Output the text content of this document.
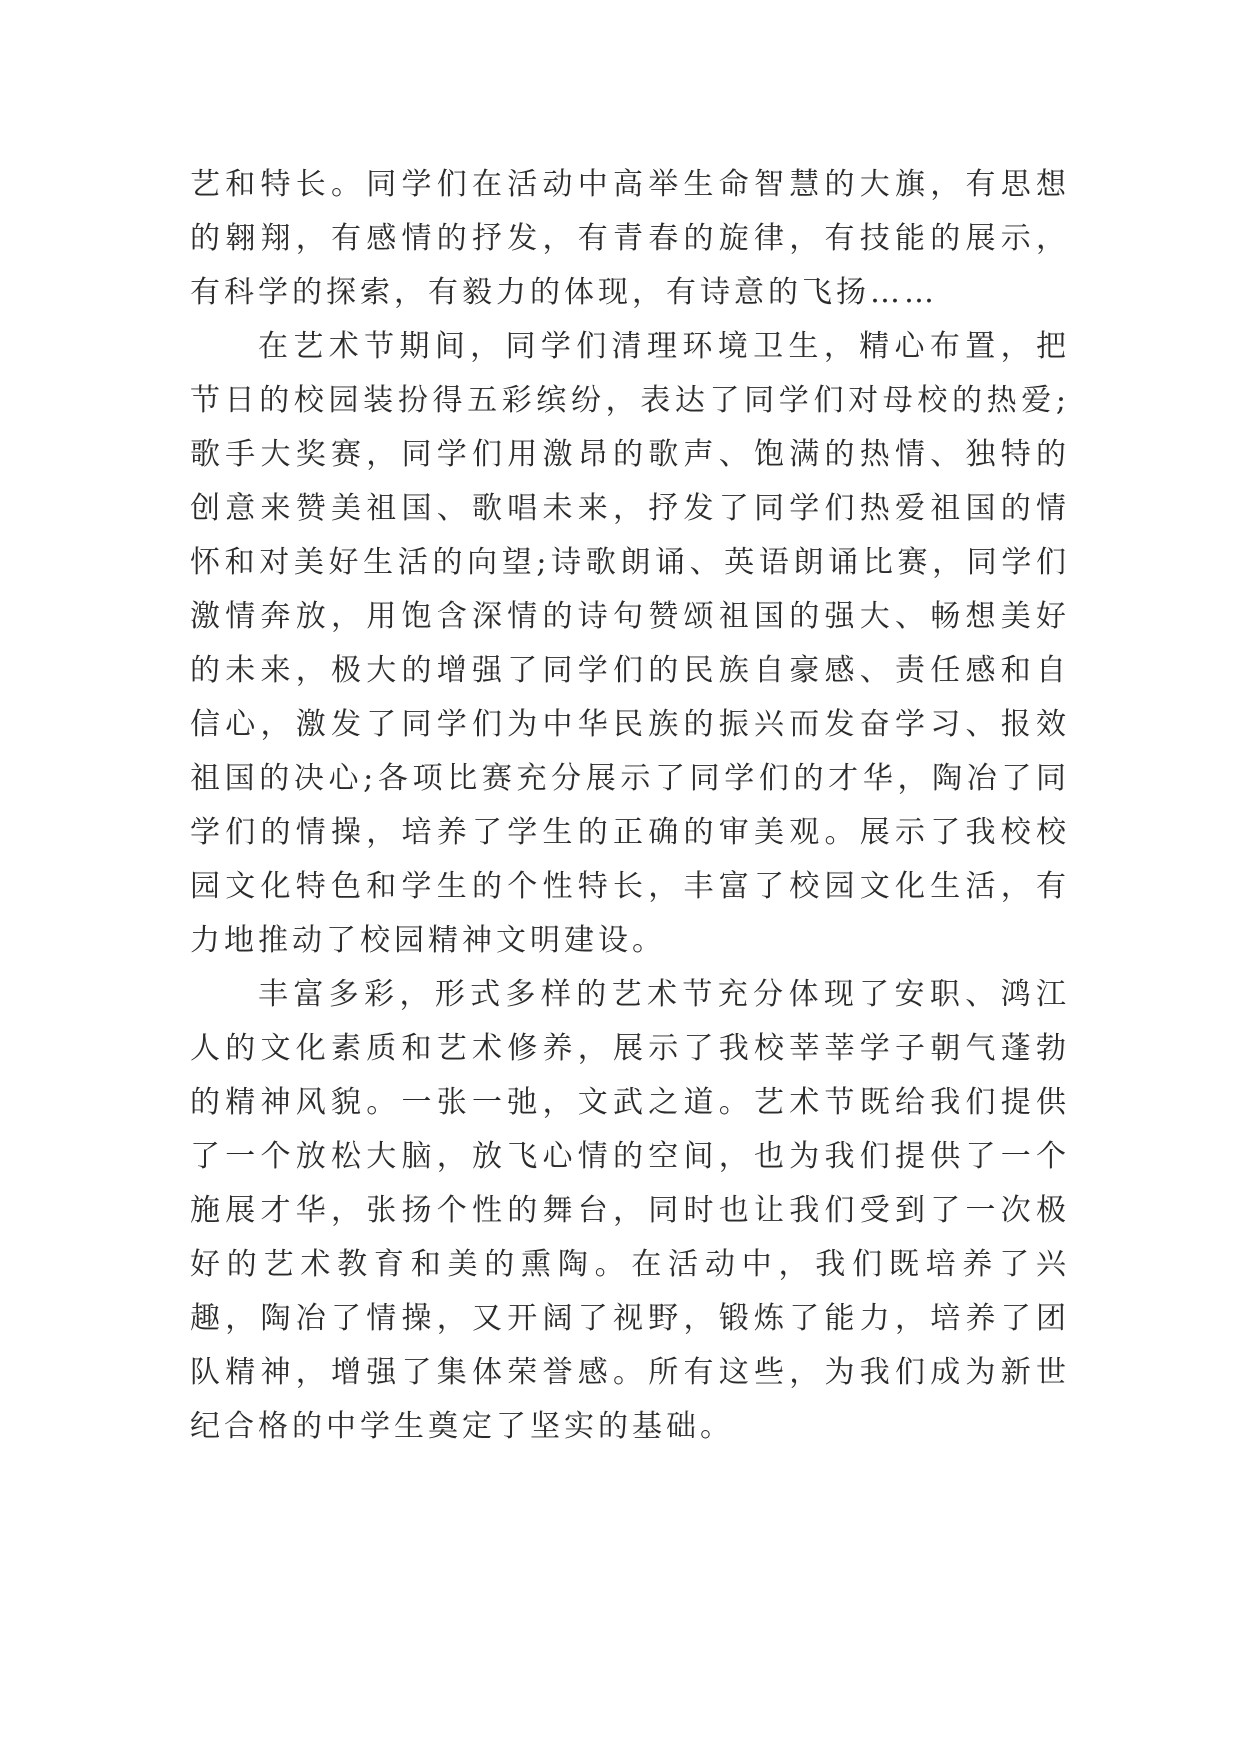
艺和特长。同学们在活动中高举生命智慧的大旗，有思想的翱翔，有感情的抒发，有青春的旋律，有技能的展示，有科学的探索，有毅力的体现，有诗意的飞扬……

在艺术节期间，同学们清理环境卫生，精心布置，把节日的校园装扮得五彩缤纷，表达了同学们对母校的热爱;歌手大奖赛，同学们用激昂的歌声、饱满的热情、独特的创意来赞美祖国、歌唱未来，抒发了同学们热爱祖国的情怀和对美好生活的向望;诗歌朗诵、英语朗诵比赛，同学们激情奔放，用饱含深情的诗句赞颂祖国的强大、畅想美好的未来，极大的增强了同学们的民族自豪感、责任感和自信心，激发了同学们为中华民族的振兴而发奋学习、报效祖国的决心;各项比赛充分展示了同学们的才华，陶冶了同学们的情操，培养了学生的正确的审美观。展示了我校校园文化特色和学生的个性特长，丰富了校园文化生活，有力地推动了校园精神文明建设。

丰富多彩，形式多样的艺术节充分体现了安职、鸿江人的文化素质和艺术修养，展示了我校莘莘学子朝气蓬勃的精神风貌。一张一弛，文武之道。艺术节既给我们提供了一个放松大脑，放飞心情的空间，也为我们提供了一个施展才华，张扬个性的舞台，同时也让我们受到了一次极好的艺术教育和美的熏陶。在活动中，我们既培养了兴趣，陶冶了情操，又开阔了视野，锻炼了能力，培养了团队精神，增强了集体荣誉感。所有这些，为我们成为新世纪合格的中学生奠定了坚实的基础。
